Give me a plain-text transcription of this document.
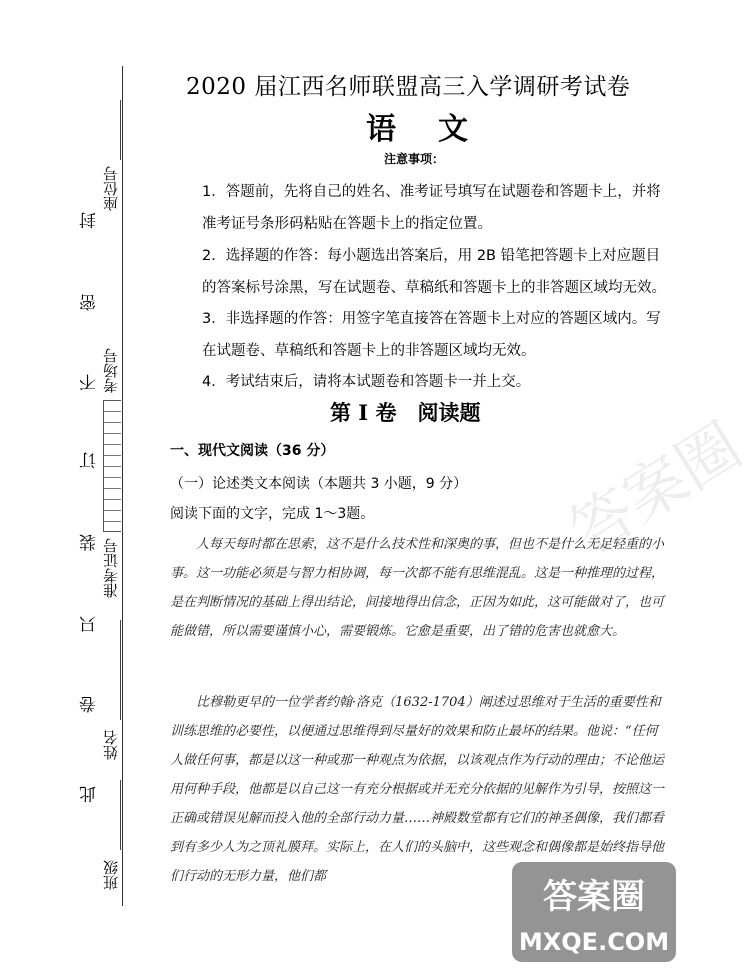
封
密
不
订
装
只
卷
此
座位号
考场号
准考证号
姓名
班级
2020 届江西名师联盟高三入学调研考试卷
语文
注意事项：
1．答题前，先将自己的姓名、准考证号填写在试题卷和答题卡上，并将准考证号条形码粘贴在答题卡上的指定位置。
2．选择题的作答：每小题选出答案后，用 2B 铅笔把答题卡上对应题目的答案标号涂黑，写在试题卷、草稿纸和答题卡上的非答题区域均无效。
3．非选择题的作答：用签字笔直接答在答题卡上对应的答题区域内。写在试题卷、草稿纸和答题卡上的非答题区域均无效。
4．考试结束后，请将本试题卷和答题卡一并上交。
第 I 卷　阅读题
一、现代文阅读（36 分）
（一）论述类文本阅读（本题共 3 小题，9 分）
阅读下面的文字，完成 1～3题。
人每天每时都在思索，这不是什么技术性和深奥的事，但也不是什么无足轻重的小事。这一功能必须是与智力相协调，每一次都不能有思维混乱。这是一种推理的过程，是在判断情况的基础上得出结论，间接地得出信念，正因为如此，这可能做对了，也可能做错，所以需要谨慎小心，需要锻炼。它愈是重要，出了错的危害也就愈大。
比穆勒更早的一位学者约翰·洛克（1632-1704）阐述过思维对于生活的重要性和训练思维的必要性，以便通过思维得到尽量好的效果和防止最坏的结果。他说：“任何人做任何事，都是以这一种或那一种观点为依据，以该观点作为行动的理由；不论他运用何种手段，他都是以自己这一有充分根据或并无充分依据的见解作为引导，按照这一正确或错误见解而投入他的全部行动力量……神殿数堂都有它们的神圣偶像，我们都看到有多少人为之顶礼膜拜。实际上，在人们的头脑中，这些观念和偶像都是始终指导他们行动的无形力量，他们都
答案圈
答案圈
MXQE.COM
